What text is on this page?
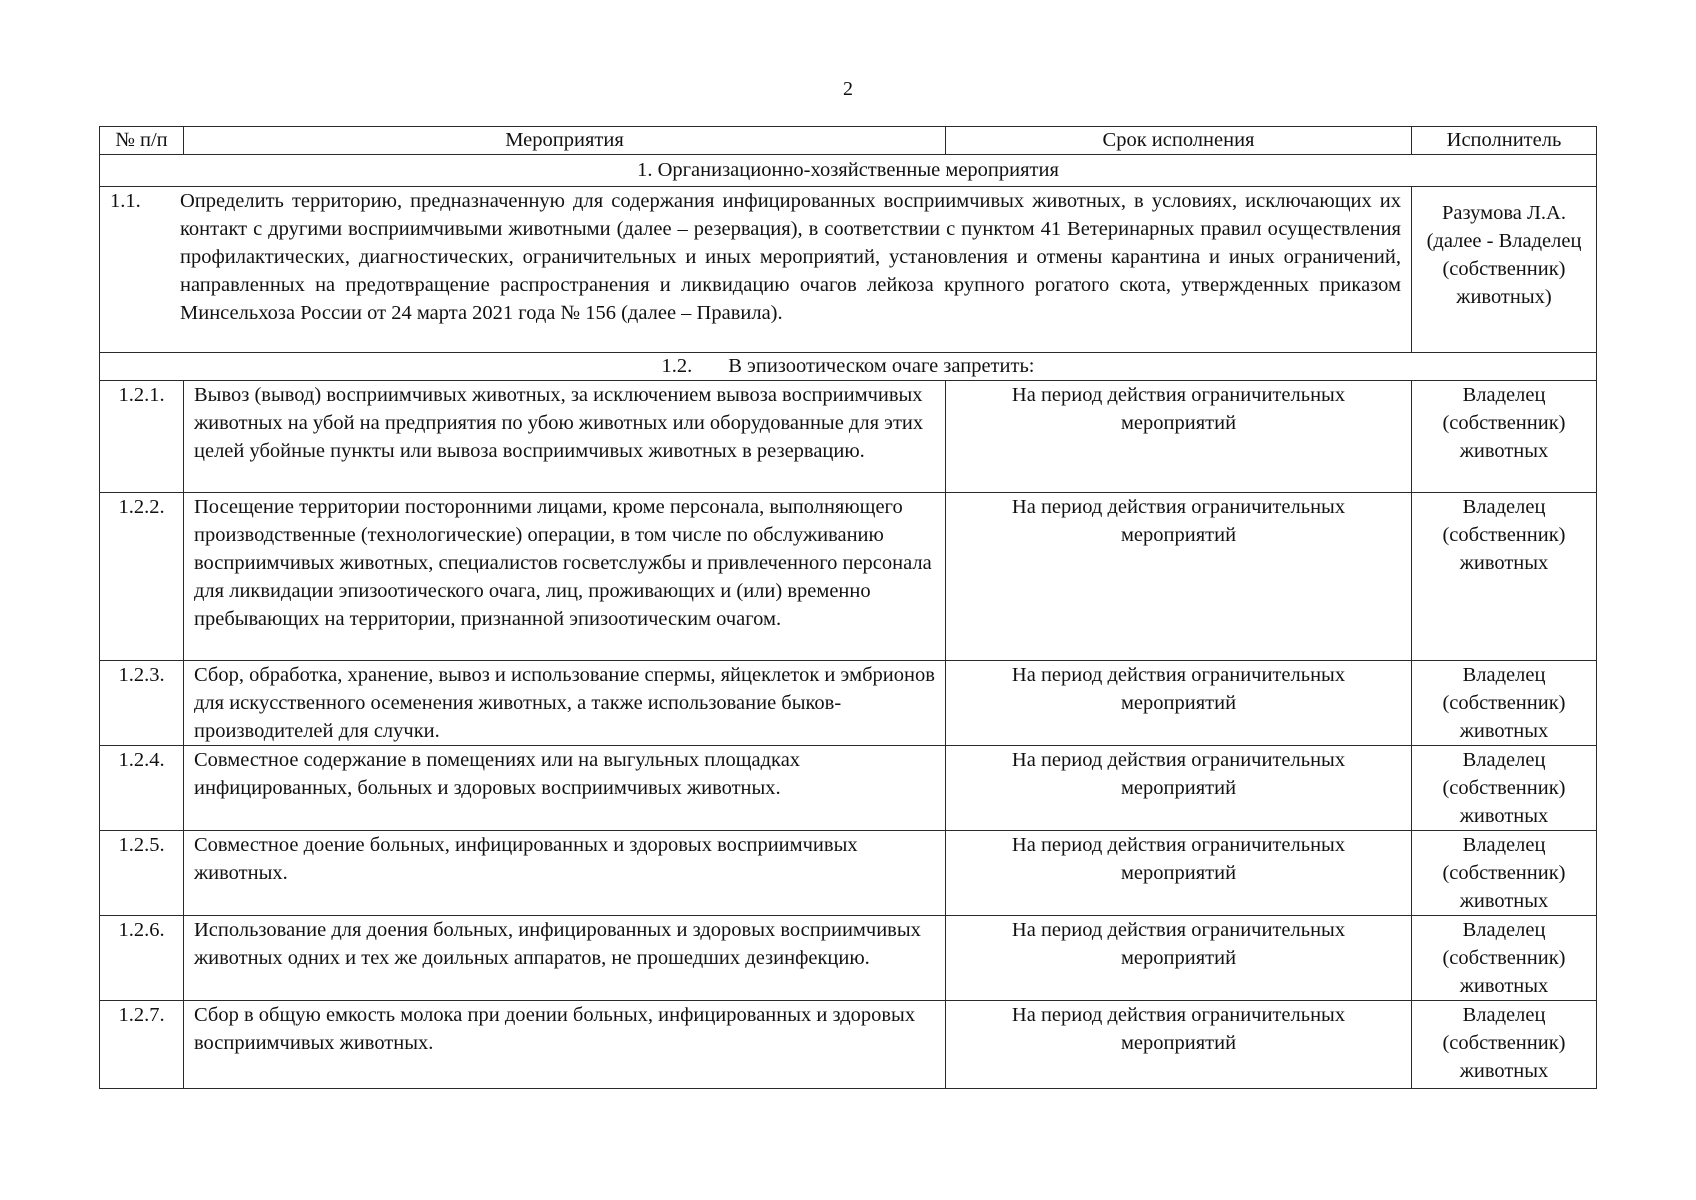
2
№ п/п	Мероприятия	Срок исполнения	Исполнитель
1. Организационно-хозяйственные мероприятия			

1.1. Определить территорию, предназначенную для содержания инфицированных восприимчивых животных, в условиях, исключающих их контакт с другими восприимчивыми животными (далее – резервация), в соответствии с пунктом 41 Ветеринарных правил осуществления профилактических, диагностических, ограничительных и иных мероприятий, установления и отмены карантина и иных ограничений, направленных на предотвращение распространения и ликвидацию очагов лейкоза крупного рогатого скота, утвержденных приказом Минсельхоза России от 24 марта 2021 года № 156 (далее – Правила).			Разумова Л.А. (далее - Владелец (собственник) животных)
1.2. В эпизоотическом очаге запретить:			
1.2.1.	Вывоз (вывод) восприимчивых животных, за исключением вывоза восприимчивых животных на убой на предприятия по убою животных или оборудованные для этих целей убойные пункты или вывоза восприимчивых животных в резервацию.	На период действия ограничительных мероприятий	Владелец (собственник) животных
1.2.2.	Посещение территории посторонними лицами, кроме персонала, выполняющего производственные (технологические) операции, в том числе по обслуживанию восприимчивых животных, специалистов госветслужбы и привлеченного персонала для ликвидации эпизоотического очага, лиц, проживающих и (или) временно пребывающих на территории, признанной эпизоотическим очагом.	На период действия ограничительных мероприятий	Владелец (собственник) животных
1.2.3.	Сбор, обработка, хранение, вывоз и использование спермы, яйцеклеток и эмбрионов для искусственного осеменения животных, а также использование быков-производителей для случки.	На период действия ограничительных мероприятий	Владелец (собственник) животных
1.2.4.	Совместное содержание в помещениях или на выгульных площадках инфицированных, больных и здоровых восприимчивых животных.	На период действия ограничительных мероприятий	Владелец (собственник) животных
1.2.5.	Совместное доение больных, инфицированных и здоровых восприимчивых животных.	На период действия ограничительных мероприятий	Владелец (собственник) животных
1.2.6.	Использование для доения больных, инфицированных и здоровых восприимчивых животных одних и тех же доильных аппаратов, не прошедших дезинфекцию.	На период действия ограничительных мероприятий	Владелец (собственник) животных
1.2.7.	Сбор в общую емкость молока при доении больных, инфицированных и здоровых восприимчивых животных.	На период действия ограничительных мероприятий	Владелец (собственник) животных
